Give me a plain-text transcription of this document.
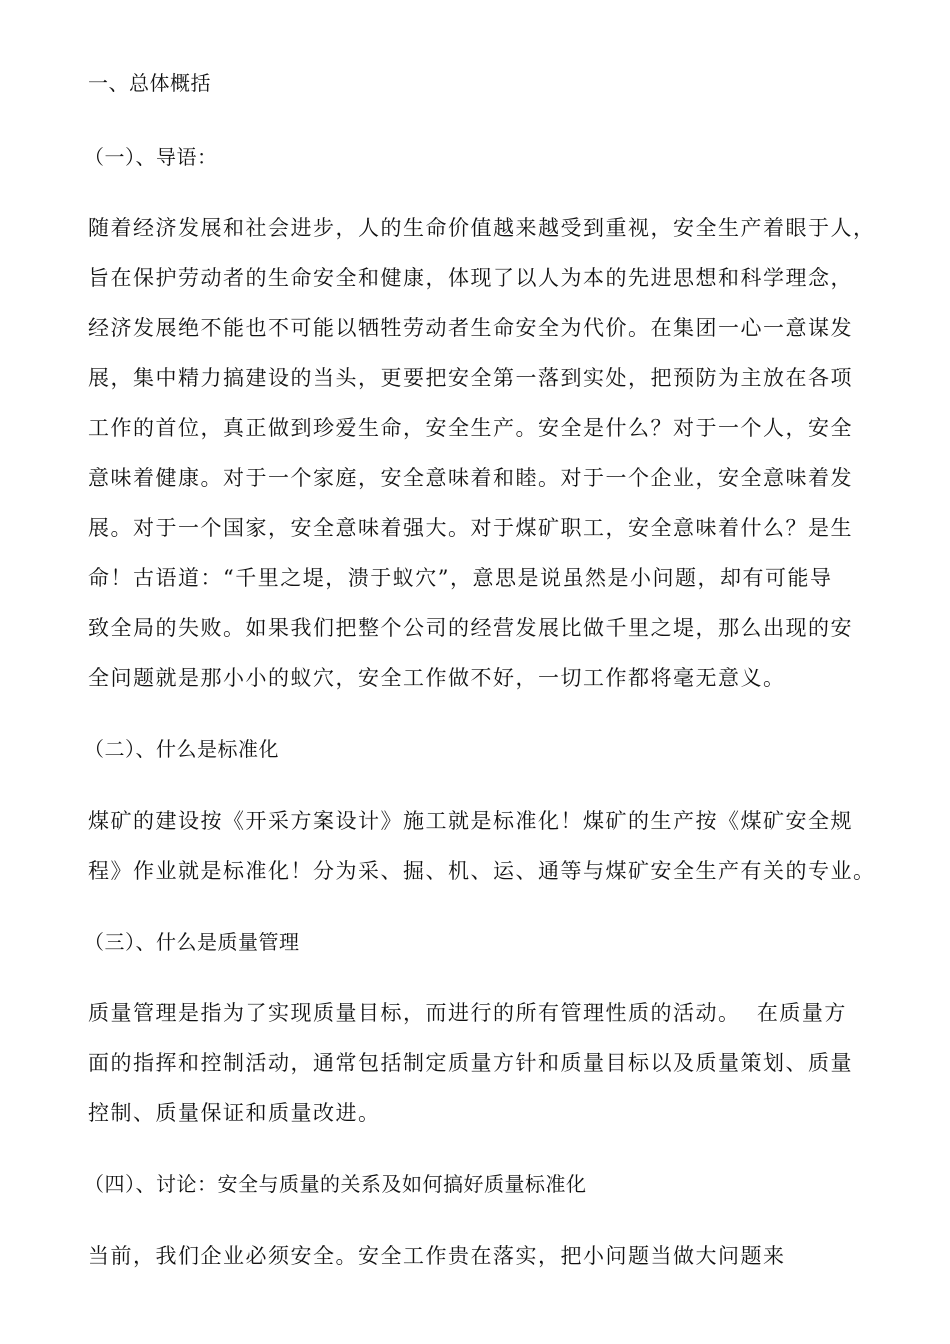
一、总体概括
（一）、导语：
随着经济发展和社会进步，人的生命价值越来越受到重视，安全生产着眼于人，
旨在保护劳动者的生命安全和健康，体现了以人为本的先进思想和科学理念，
经济发展绝不能也不可能以牺牲劳动者生命安全为代价。在集团一心一意谋发
展，集中精力搞建设的当头，更要把安全第一落到实处，把预防为主放在各项
工作的首位，真正做到珍爱生命，安全生产。安全是什么？对于一个人，安全
意味着健康。对于一个家庭，安全意味着和睦。对于一个企业，安全意味着发
展。对于一个国家，安全意味着强大。对于煤矿职工，安全意味着什么？是生
命！古语道：“千里之堤，溃于蚁穴”，意思是说虽然是小问题，却有可能导
致全局的失败。如果我们把整个公司的经营发展比做千里之堤，那么出现的安
全问题就是那小小的蚁穴，安全工作做不好，一切工作都将毫无意义。
（二）、什么是标准化
煤矿的建设按《开采方案设计》施工就是标准化！煤矿的生产按《煤矿安全规
程》作业就是标准化！分为采、掘、机、运、通等与煤矿安全生产有关的专业。
（三）、什么是质量管理
质量管理是指为了实现质量目标，而进行的所有管理性质的活动。  在质量方
面的指挥和控制活动，通常包括制定质量方针和质量目标以及质量策划、质量
控制、质量保证和质量改进。
（四）、讨论：安全与质量的关系及如何搞好质量标准化
当前，我们企业必须安全。安全工作贵在落实，把小问题当做大问题来
